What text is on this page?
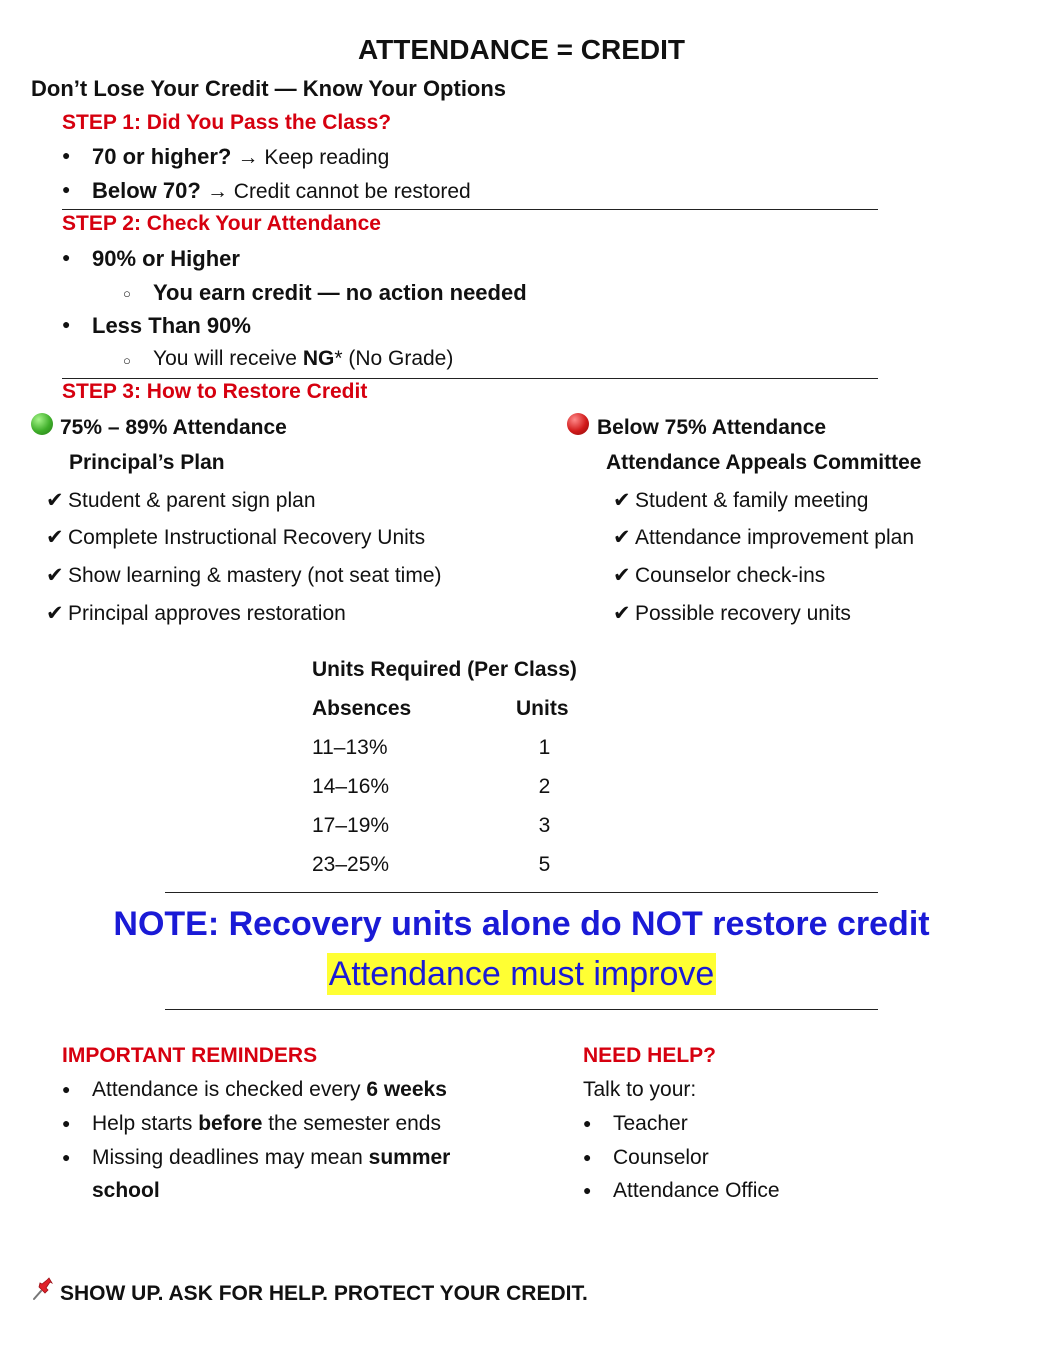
ATTENDANCE = CREDIT
Don’t Lose Your Credit — Know Your Options
STEP 1: Did You Pass the Class?
● 70 or higher? → Keep reading
● Below 70? → Credit cannot be restored
STEP 2: Check Your Attendance
● 90% or Higher
○ You earn credit — no action needed
● Less Than 90%
○ You will receive NG* (No Grade)
STEP 3: How to Restore Credit
75% – 89% Attendance
Principal’s Plan
✔ Student & parent sign plan
✔ Complete Instructional Recovery Units
✔ Show learning & mastery (not seat time)
✔ Principal approves restoration
Below 75% Attendance
Attendance Appeals Committee
✔ Student & family meeting
✔ Attendance improvement plan
✔ Counselor check-ins
✔ Possible recovery units
Units Required (Per Class)
Absences	Units
11–13%	1
14–16%	2
17–19%	3
23–25%	5
NOTE: Recovery units alone do NOT restore credit
Attendance must improve
IMPORTANT REMINDERS
● Attendance is checked every 6 weeks
● Help starts before the semester ends
● Missing deadlines may mean summer
school
NEED HELP?
Talk to your:
● Teacher
● Counselor
● Attendance Office
SHOW UP. ASK FOR HELP. PROTECT YOUR CREDIT.
